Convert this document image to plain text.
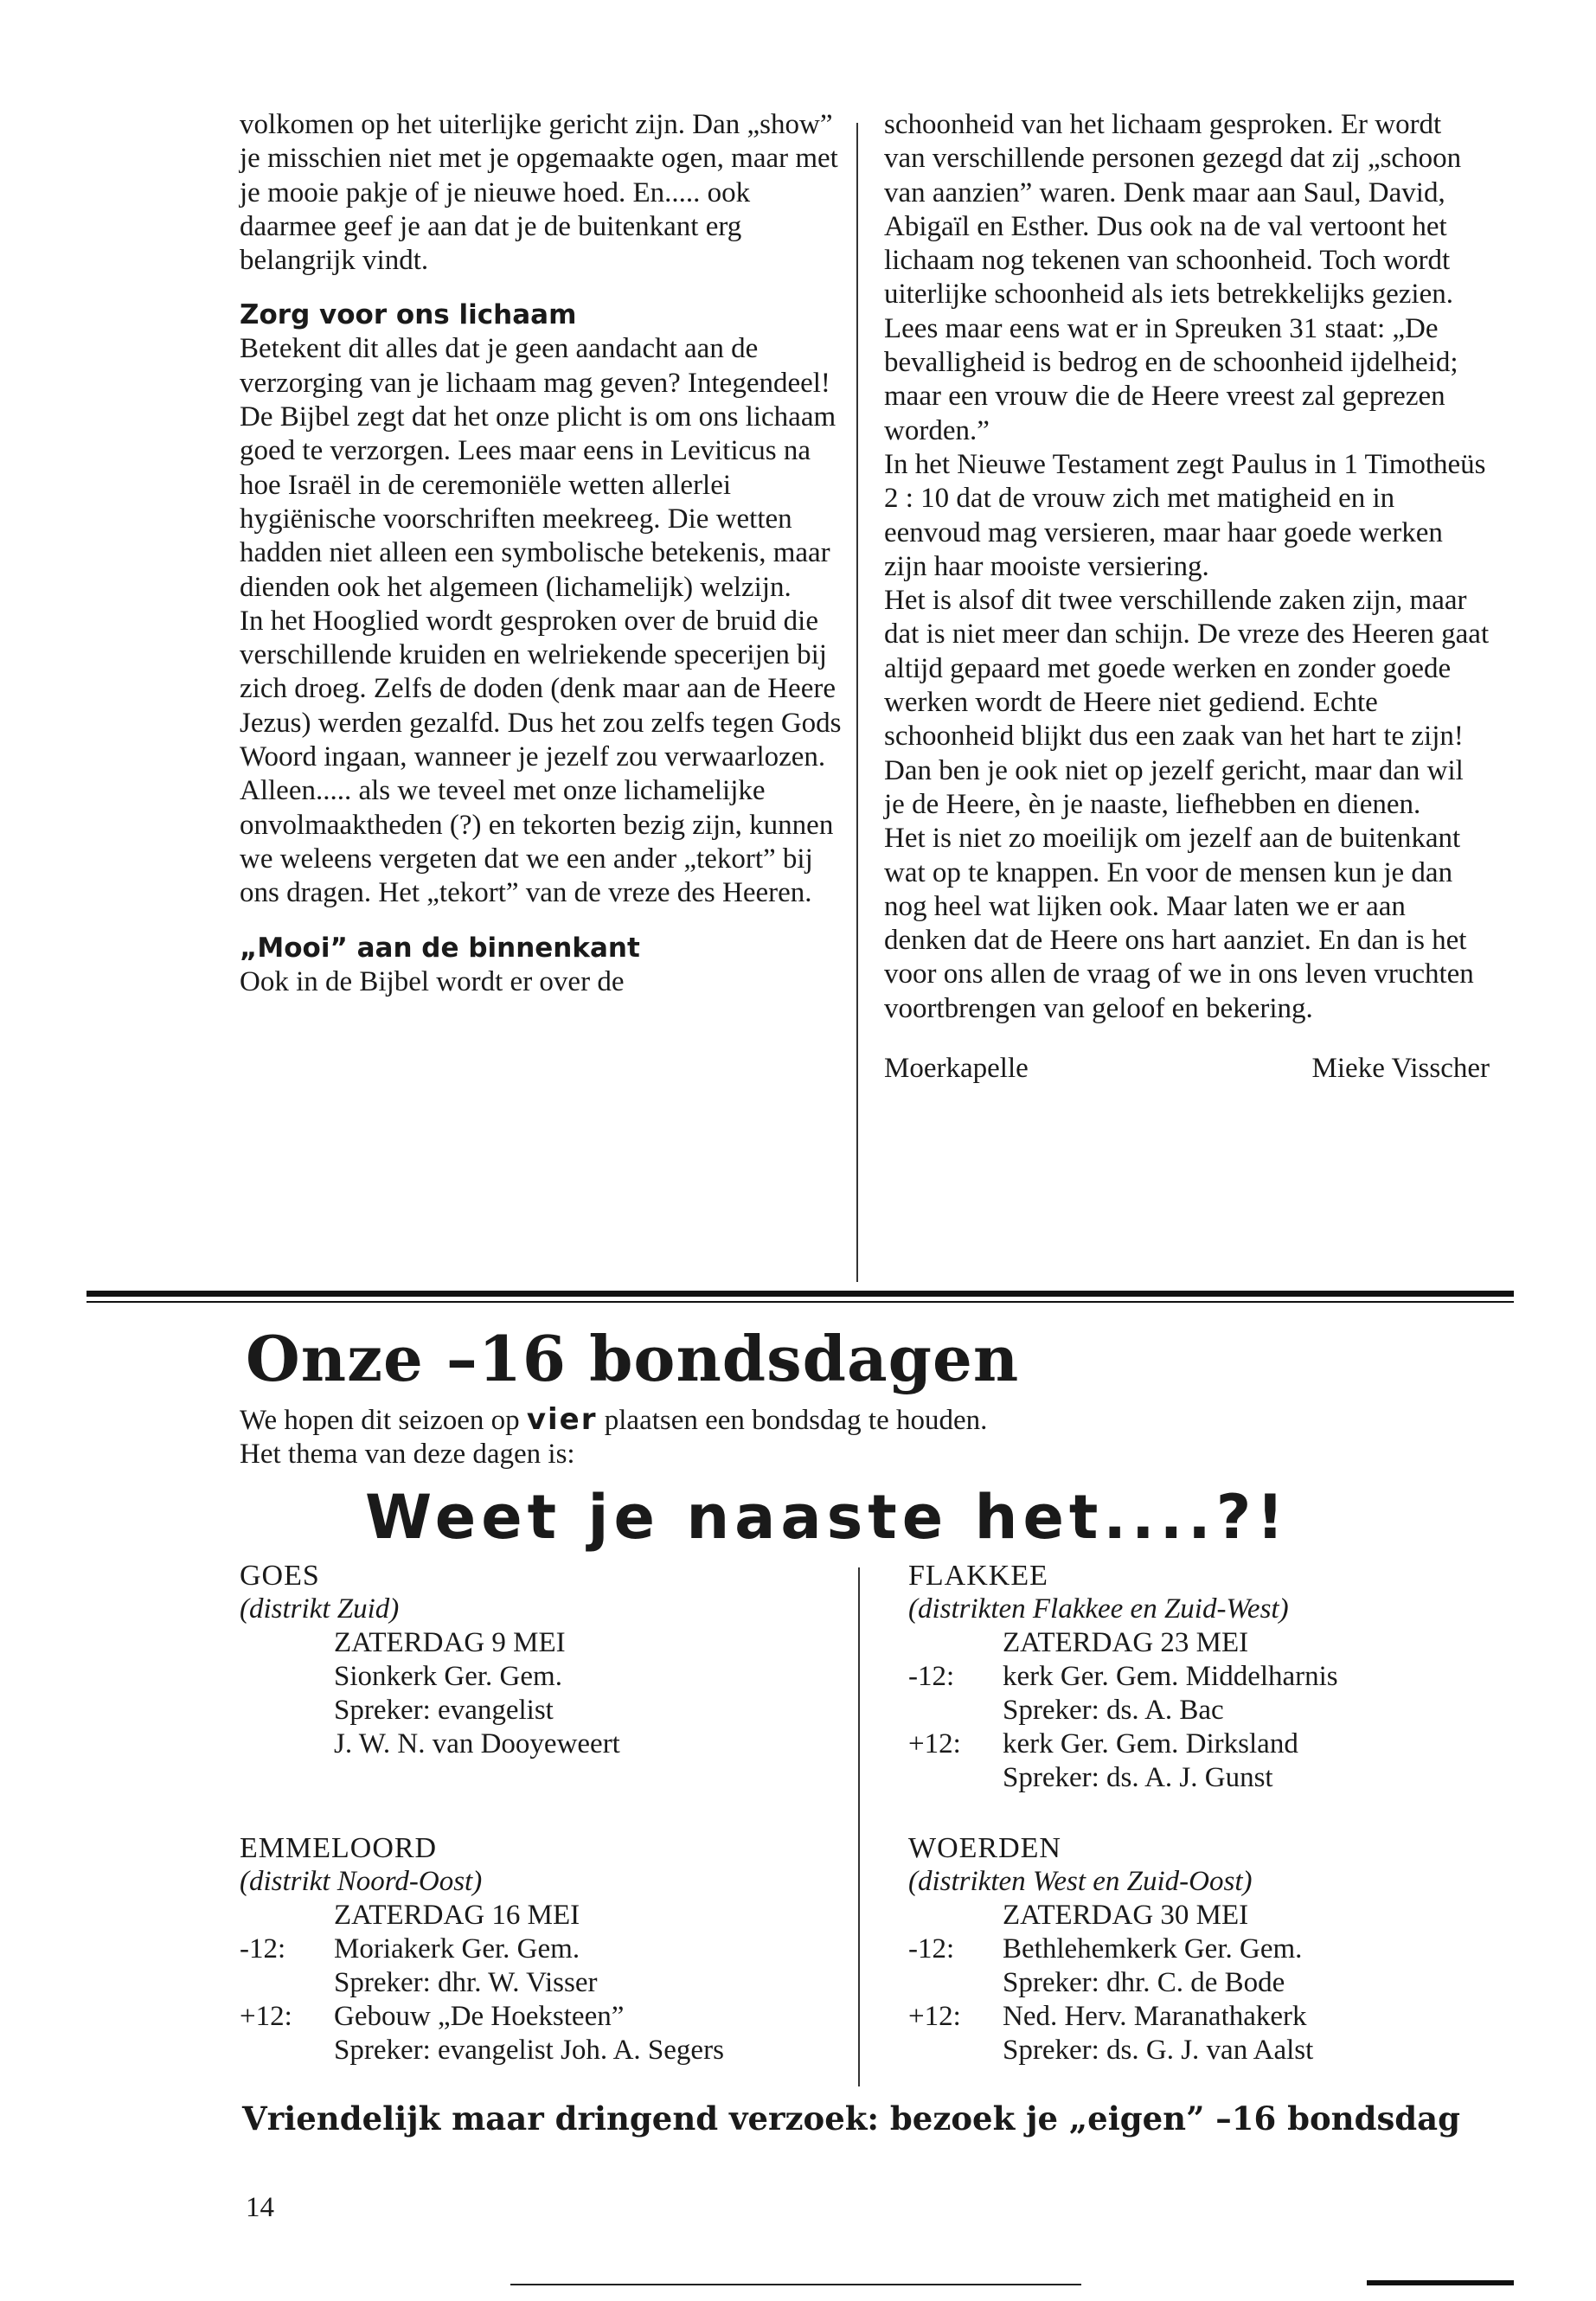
volkomen op het uiterlijke gericht zijn. Dan „show” je misschien niet met je opgemaakte ogen, maar met je mooie pakje of je nieuwe hoed. En..... ook daarmee geef je aan dat je de buitenkant erg belangrijk vindt.

Zorg voor ons lichaam

Betekent dit alles dat je geen aandacht aan de verzorging van je lichaam mag geven? Integendeel!

De Bijbel zegt dat het onze plicht is om ons lichaam goed te verzorgen. Lees maar eens in Leviticus na hoe Israël in de ceremoniële wetten allerlei hygiënische voorschriften meekreeg. Die wetten hadden niet alleen een symbolische betekenis, maar dienden ook het algemeen (lichamelijk) welzijn.

In het Hooglied wordt gesproken over de bruid die verschillende kruiden en welriekende specerijen bij zich droeg. Zelfs de doden (denk maar aan de Heere Jezus) werden gezalfd. Dus het zou zelfs tegen Gods Woord ingaan, wanneer je jezelf zou verwaarlozen.

Alleen..... als we teveel met onze lichamelijke onvolmaaktheden (?) en tekorten bezig zijn, kunnen we weleens vergeten dat we een ander „tekort” bij ons dragen. Het „tekort” van de vreze des Heeren.

„Mooi” aan de binnenkant

Ook in de Bijbel wordt er over de

schoonheid van het lichaam gesproken. Er wordt van verschillende personen gezegd dat zij „schoon van aanzien” waren. Denk maar aan Saul, David, Abigaïl en Esther. Dus ook na de val vertoont het lichaam nog tekenen van schoonheid. Toch wordt uiterlijke schoonheid als iets betrekkelijks gezien. Lees maar eens wat er in Spreuken 31 staat: „De bevalligheid is bedrog en de schoonheid ijdelheid; maar een vrouw die de Heere vreest zal geprezen worden.”

In het Nieuwe Testament zegt Paulus in 1 Timotheüs 2 : 10 dat de vrouw zich met matigheid en in eenvoud mag versieren, maar haar goede werken zijn haar mooiste versiering.

Het is alsof dit twee verschillende zaken zijn, maar dat is niet meer dan schijn. De vreze des Heeren gaat altijd gepaard met goede werken en zonder goede werken wordt de Heere niet gediend. Echte schoonheid blijkt dus een zaak van het hart te zijn! Dan ben je ook niet op jezelf gericht, maar dan wil je de Heere, èn je naaste, liefhebben en dienen.

Het is niet zo moeilijk om jezelf aan de buitenkant wat op te knappen. En voor de mensen kun je dan nog heel wat lijken ook. Maar laten we er aan denken dat de Heere ons hart aanziet. En dan is het voor ons allen de vraag of we in ons leven vruchten voortbrengen van geloof en bekering.

Moerkapelle	Mieke Visscher
Onze –16 bondsdagen

We hopen dit seizoen op vier plaatsen een bondsdag te houden.

Het thema van deze dagen is:

Weet je naaste het....?!

GOES

(distrikt Zuid)

ZATERDAG 9 MEI
Sionkerk Ger. Gem.
Spreker: evangelist
J. W. N. van Dooyeweert

FLAKKEE

(distrikten Flakkee en Zuid-West)

ZATERDAG 23 MEI
-12:	kerk Ger. Gem. Middelharnis
Spreker: ds. A. Bac
+12:	kerk Ger. Gem. Dirksland
Spreker: ds. A. J. Gunst

EMMELOORD

(distrikt Noord-Oost)

ZATERDAG 16 MEI
-12:	Moriakerk Ger. Gem.
Spreker: dhr. W. Visser
+12:	Gebouw „De Hoeksteen”
Spreker: evangelist Joh. A. Segers

WOERDEN

(distrikten West en Zuid-Oost)

ZATERDAG 30 MEI
-12:	Bethlehemkerk Ger. Gem.
Spreker: dhr. C. de Bode
+12:	Ned. Herv. Maranathakerk
Spreker: ds. G. J. van Aalst

Vriendelijk maar dringend verzoek: bezoek je „eigen” –16 bondsdag

14
